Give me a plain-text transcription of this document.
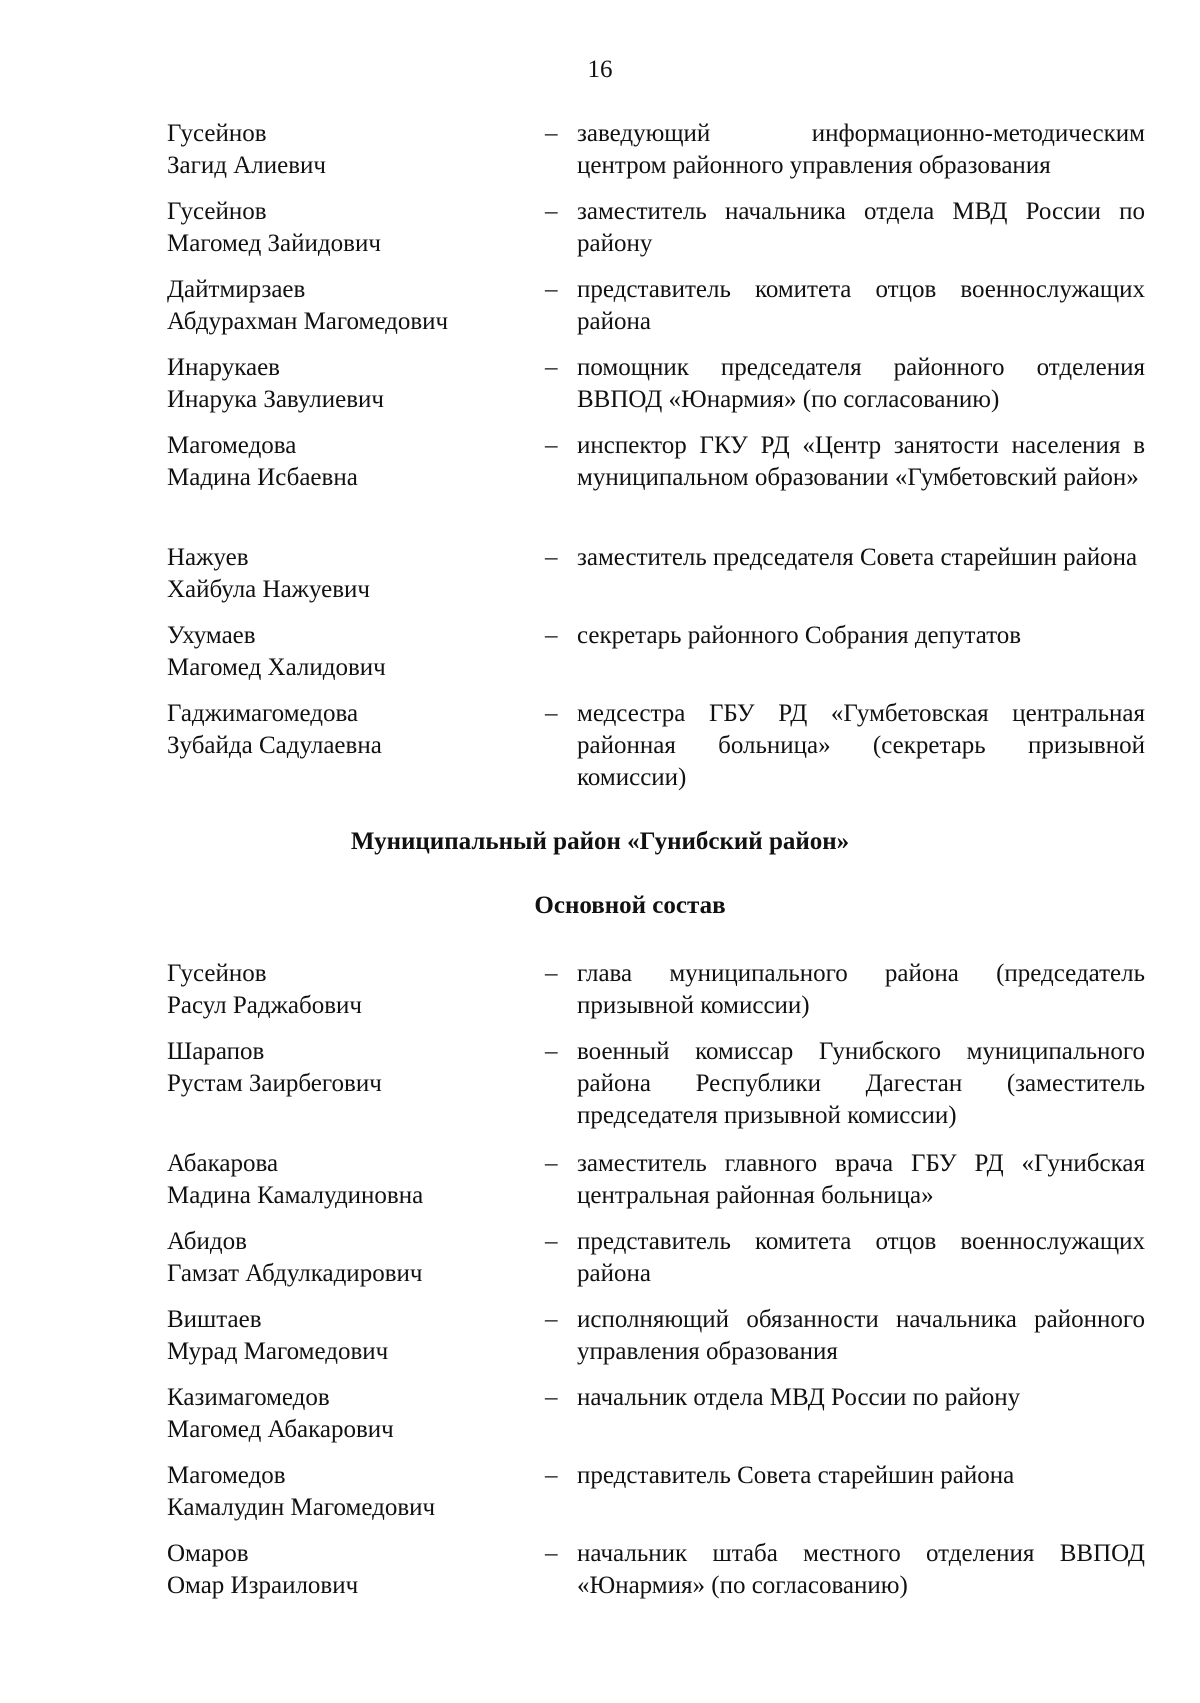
16
Гусейнов
Загид Алиевич
– заведующий информационно-методическим центром районного управления образования
Гусейнов
Магомед Зайидович
– заместитель начальника отдела МВД России по району
Дайтмирзаев
Абдурахман Магомедович
– представитель комитета отцов военнослужащих района
Инарукаев
Инарука Завулиевич
– помощник председателя районного отделения ВВПОД «Юнармия» (по согласованию)
Магомедова
Мадина Исбаевна
– инспектор ГКУ РД «Центр занятости населения в муниципальном образовании «Гумбетовский район»
Нажуев
Хайбула Нажуевич
– заместитель председателя Совета старейшин района
Ухумаев
Магомед Халидович
– секретарь районного Собрания депутатов
Гаджимагомедова
Зубайда Садулаевна
– медсестра ГБУ РД «Гумбетовская центральная районная больница» (секретарь призывной комиссии)
Муниципальный район «Гунибский район»
Основной состав
Гусейнов
Расул Раджабович
– глава муниципального района (председатель призывной комиссии)
Шарапов
Рустам Заирбегович
– военный комиссар Гунибского муниципального района Республики Дагестан (заместитель председателя призывной комиссии)
Абакарова
Мадина Камалудиновна
– заместитель главного врача ГБУ РД «Гунибская центральная районная больница»
Абидов
Гамзат Абдулкадирович
– представитель комитета отцов военнослужащих района
Виштаев
Мурад Магомедович
– исполняющий обязанности начальника районного управления образования
Казимагомедов
Магомед Абакарович
– начальник отдела МВД России по району
Магомедов
Камалудин Магомедович
– представитель Совета старейшин района
Омаров
Омар Израилович
– начальник штаба местного отделения ВВПОД «Юнармия» (по согласованию)
